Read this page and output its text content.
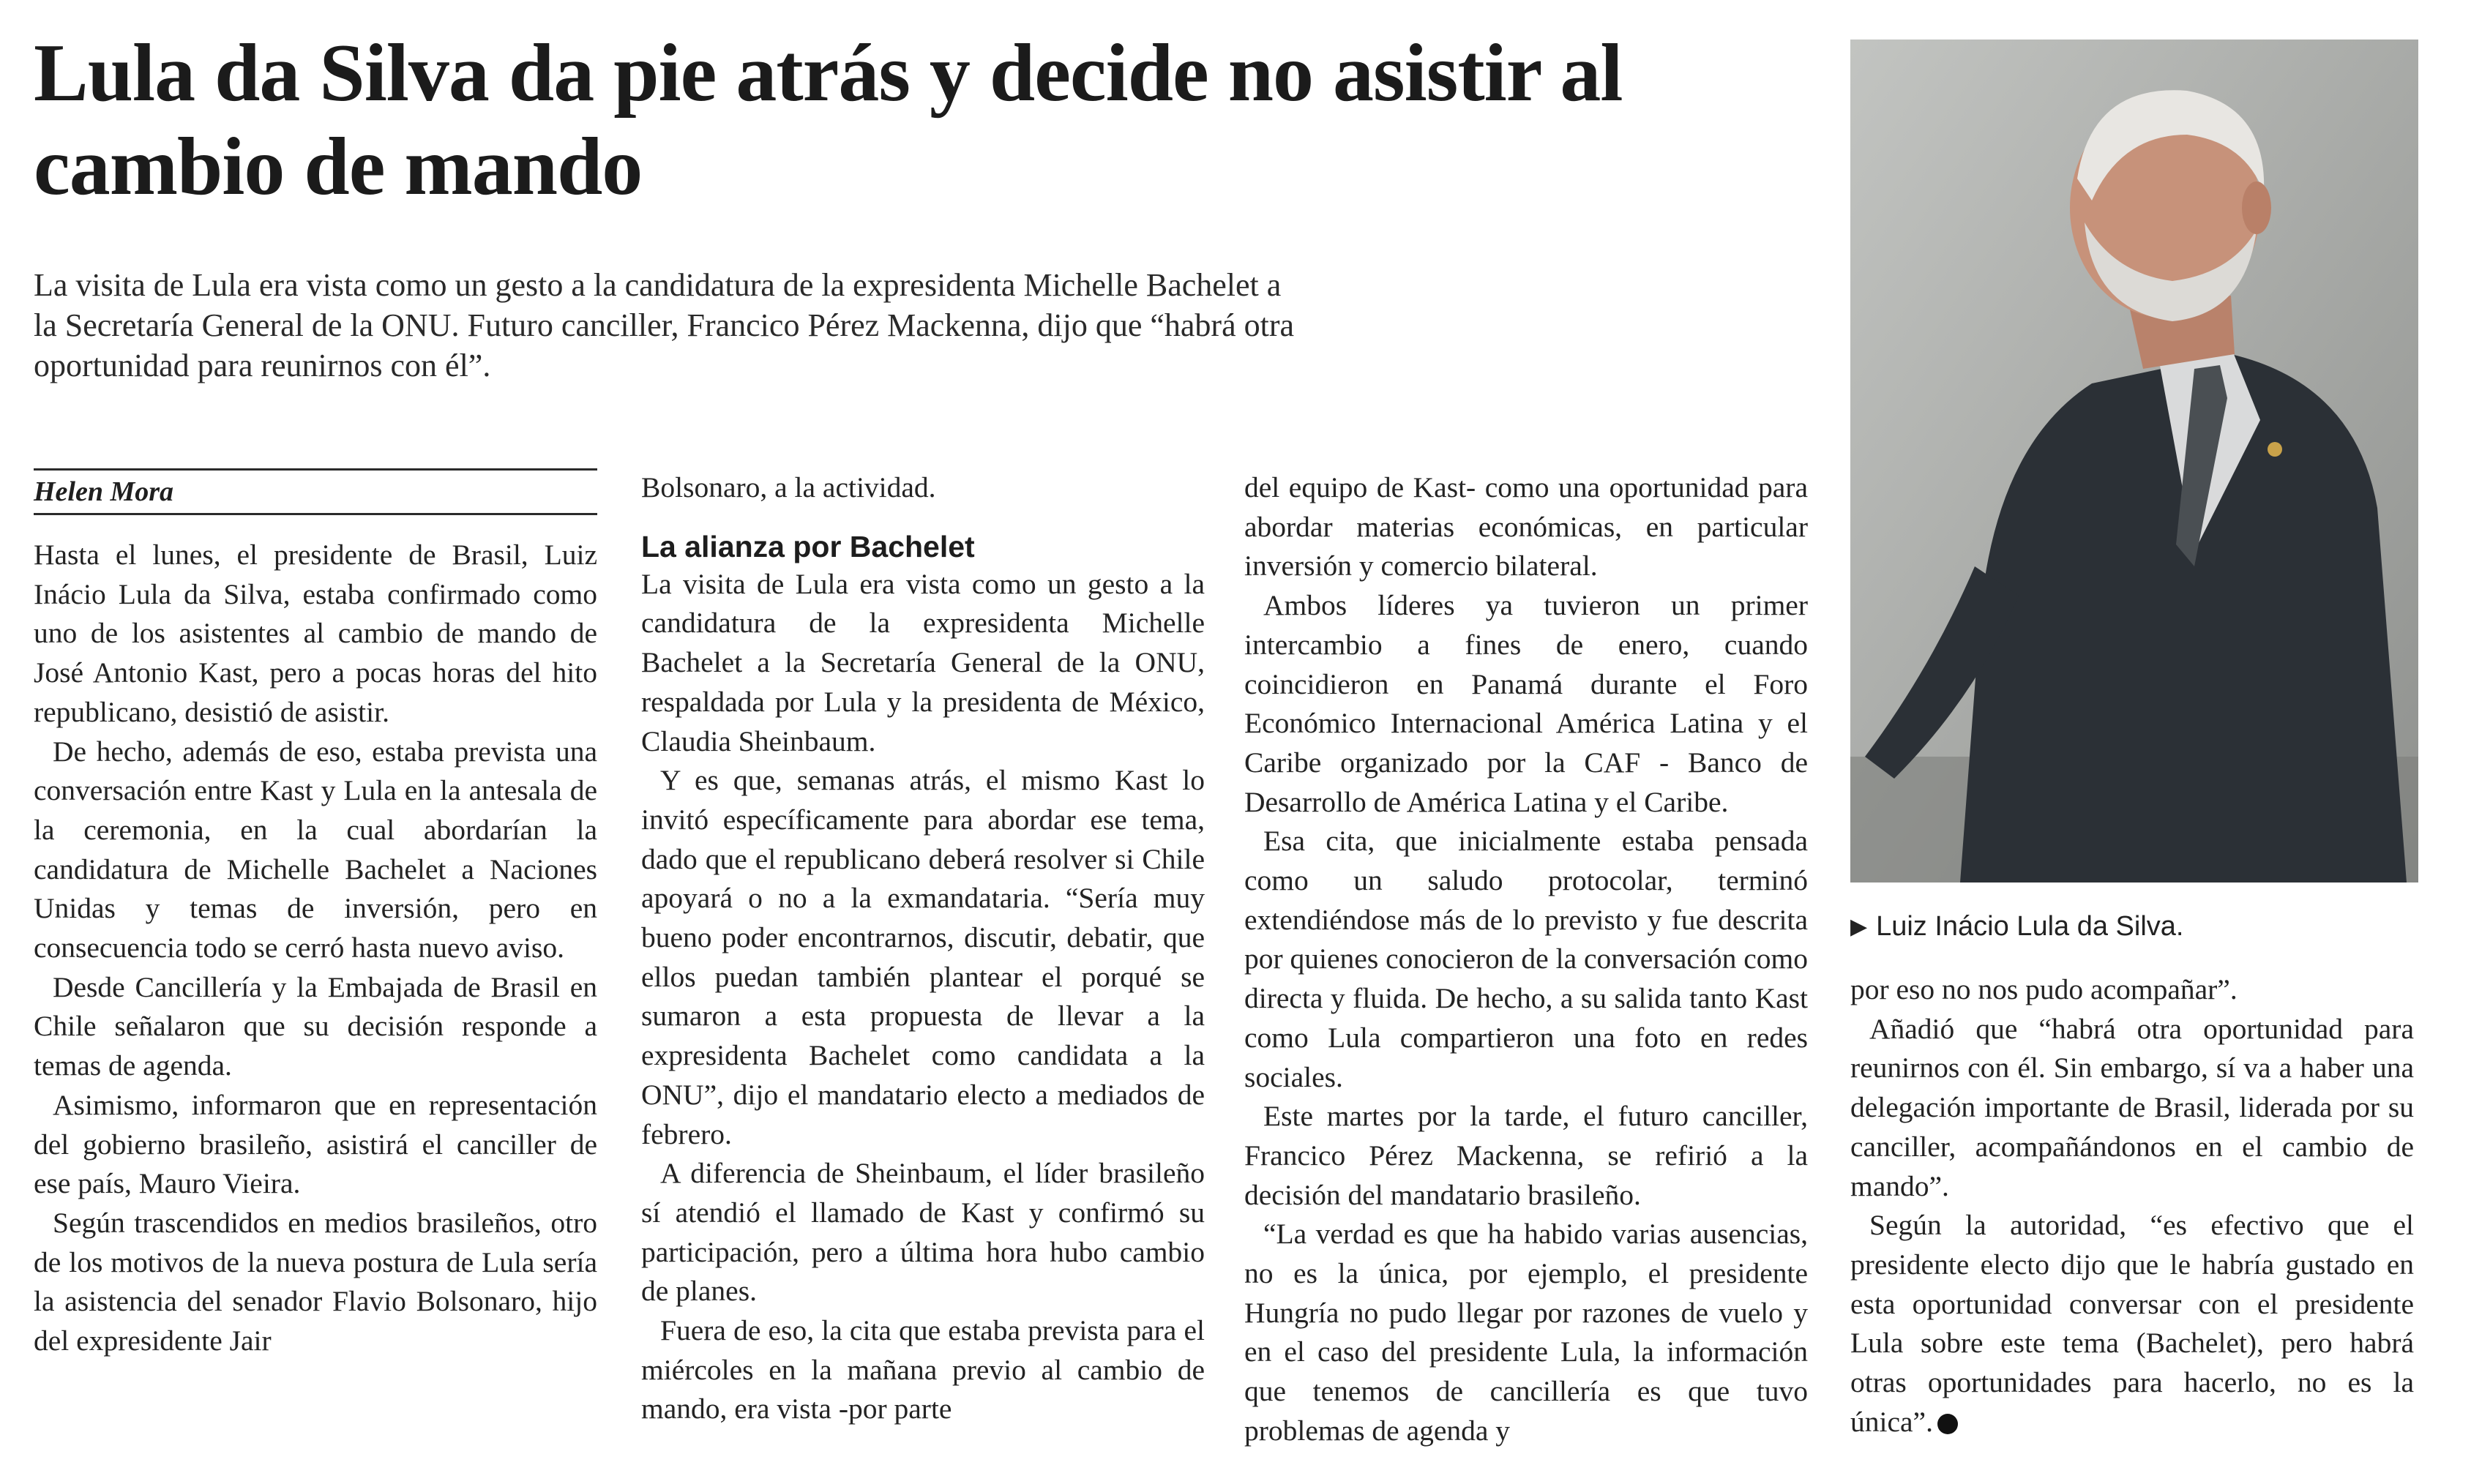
Lula da Silva da pie atrás y decide no asistir al cambio de mando

La visita de Lula era vista como un gesto a la candidatura de la expresidenta Michelle Bachelet a la Secretaría General de la ONU. Futuro canciller, Francico Pérez Mackenna, dijo que “habrá otra oportunidad para reunirnos con él”.

Helen Mora

Hasta el lunes, el presidente de Brasil, Luiz Inácio Lula da Silva, estaba confirmado como uno de los asistentes al cambio de mando de José Antonio Kast, pero a pocas horas del hito republicano, desistió de asistir.

De hecho, además de eso, estaba prevista una conversación entre Kast y Lula en la antesala de la ceremonia, en la cual abordarían la candidatura de Michelle Bachelet a Naciones Unidas y temas de inversión, pero en consecuencia todo se cerró hasta nuevo aviso.

Desde Cancillería y la Embajada de Brasil en Chile señalaron que su decisión responde a temas de agenda.

Asimismo, informaron que en representación del gobierno brasileño, asistirá el canciller de ese país, Mauro Vieira.

Según trascendidos en medios brasileños, otro de los motivos de la nueva postura de Lula sería la asistencia del senador Flavio Bolsonaro, hijo del expresidente Jair

Bolsonaro, a la actividad.

La alianza por Bachelet

La visita de Lula era vista como un gesto a la candidatura de la expresidenta Michelle Bachelet a la Secretaría General de la ONU, respaldada por Lula y la presidenta de México, Claudia Sheinbaum.

Y es que, semanas atrás, el mismo Kast lo invitó específicamente para abordar ese tema, dado que el republicano deberá resolver si Chile apoyará o no a la exmandataria. “Sería muy bueno poder encontrarnos, discutir, debatir, que ellos puedan también plantear el porqué se sumaron a esta propuesta de llevar a la expresidenta Bachelet como candidata a la ONU”, dijo el mandatario electo a mediados de febrero.

A diferencia de Sheinbaum, el líder brasileño sí atendió el llamado de Kast y confirmó su participación, pero a última hora hubo cambio de planes.

Fuera de eso, la cita que estaba prevista para el miércoles en la mañana previo al cambio de mando, era vista -por parte

del equipo de Kast- como una oportunidad para abordar materias económicas, en particular inversión y comercio bilateral.

Ambos líderes ya tuvieron un primer intercambio a fines de enero, cuando coincidieron en Panamá durante el Foro Económico Internacional América Latina y el Caribe organizado por la CAF - Banco de Desarrollo de América Latina y el Caribe.

Esa cita, que inicialmente estaba pensada como un saludo protocolar, terminó extendiéndose más de lo previsto y fue descrita por quienes conocieron de la conversación como directa y fluida. De hecho, a su salida tanto Kast como Lula compartieron una foto en redes sociales.

Este martes por la tarde, el futuro canciller, Francico Pérez Mackenna, se refirió a la decisión del mandatario brasileño.

“La verdad es que ha habido varias ausencias, no es la única, por ejemplo, el presidente Hungría no pudo llegar por razones de vuelo y en el caso del presidente Lula, la información que tenemos de cancillería es que tuvo problemas de agenda y

▶ Luiz Inácio Lula da Silva.

por eso no nos pudo acompañar”.

Añadió que “habrá otra oportunidad para reunirnos con él. Sin embargo, sí va a haber una delegación importante de Brasil, liderada por su canciller, acompañándonos en el cambio de mando”.

Según la autoridad, “es efectivo que el presidente electo dijo que le habría gustado en esta oportunidad conversar con el presidente Lula sobre este tema (Bachelet), pero habrá otras oportunidades para hacerlo, no es la única”.
